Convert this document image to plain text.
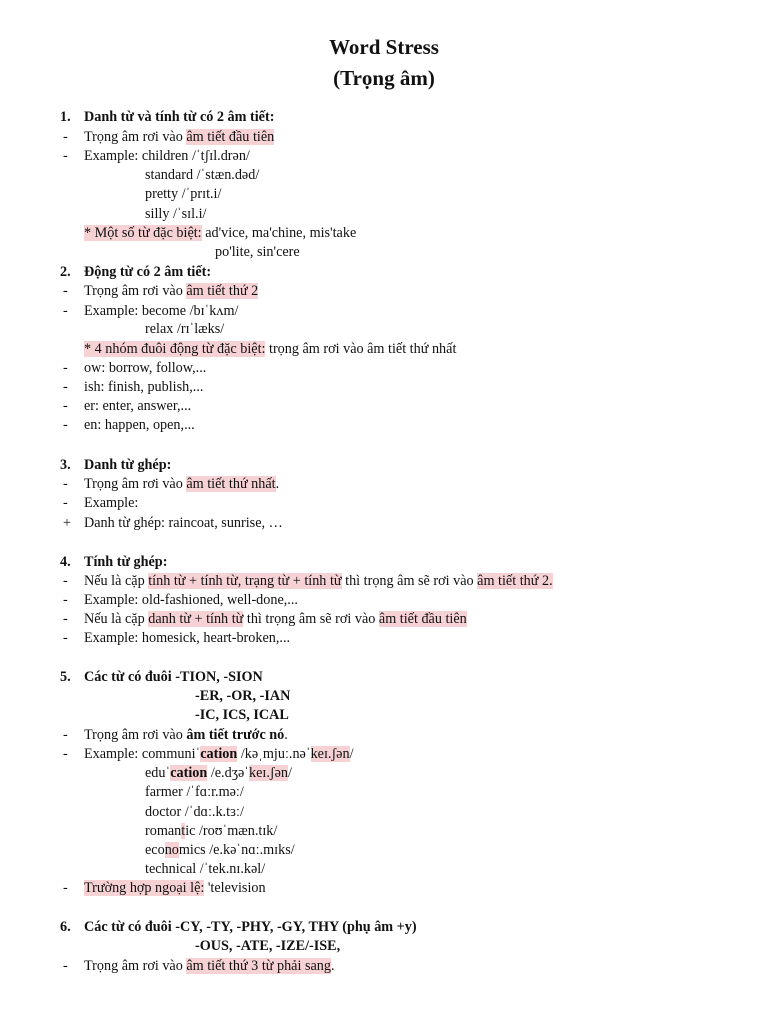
Word Stress
(Trọng âm)
1. Danh từ và tính từ có 2 âm tiết:
- Trọng âm rơi vào âm tiết đầu tiên
- Example: children /ˈtʃɪl.drən/
standard /ˈstæn.dəd/
pretty /ˈprɪt.i/
silly /ˈsɪl.i/
* Một số từ đặc biệt: ad'vice, ma'chine, mis'take
po'lite, sin'cere
2. Động từ có 2 âm tiết:
- Trọng âm rơi vào âm tiết thứ 2
- Example: become /bɪˈkʌm/
relax /rɪˈlæks/
* 4 nhóm đuôi động từ đặc biệt: trọng âm rơi vào âm tiết thứ nhất
- ow: borrow, follow,...
- ish: finish, publish,...
- er: enter, answer,...
- en: happen, open,...
3. Danh từ ghép:
- Trọng âm rơi vào âm tiết thứ nhất.
- Example:
+ Danh từ ghép: raincoat, sunrise, …
4. Tính từ ghép:
- Nếu là cặp tính từ + tính từ, trạng từ + tính từ thì trọng âm sẽ rơi vào âm tiết thứ 2.
- Example: old-fashioned, well-done,...
- Nếu là cặp danh từ + tính từ thì trọng âm sẽ rơi vào âm tiết đầu tiên
- Example: homesick, heart-broken,...
5. Các từ có đuôi -TION, -SION
-ER, -OR, -IAN
-IC, ICS, ICAL
- Trọng âm rơi vào âm tiết trước nó.
- Example: communiˈcation /kəˌmjuː.nəˈkeɪ.ʃən/
eduˈcation /e.dʒəˈkeɪ.ʃən/
farmer /ˈfɑːr.məː/
doctor /ˈdɑː.k.tɜː/
romantic /roʊˈmæn.tɪk/
economics /e.kəˈnɑː.mɪks/
technical /ˈtek.nɪ.kəl/
- Trường hợp ngoại lệ: 'television
6. Các từ có đuôi -CY, -TY, -PHY, -GY, THY (phụ âm +y)
-OUS, -ATE, -IZE/-ISE,
- Trọng âm rơi vào âm tiết thứ 3 từ phải sang.
